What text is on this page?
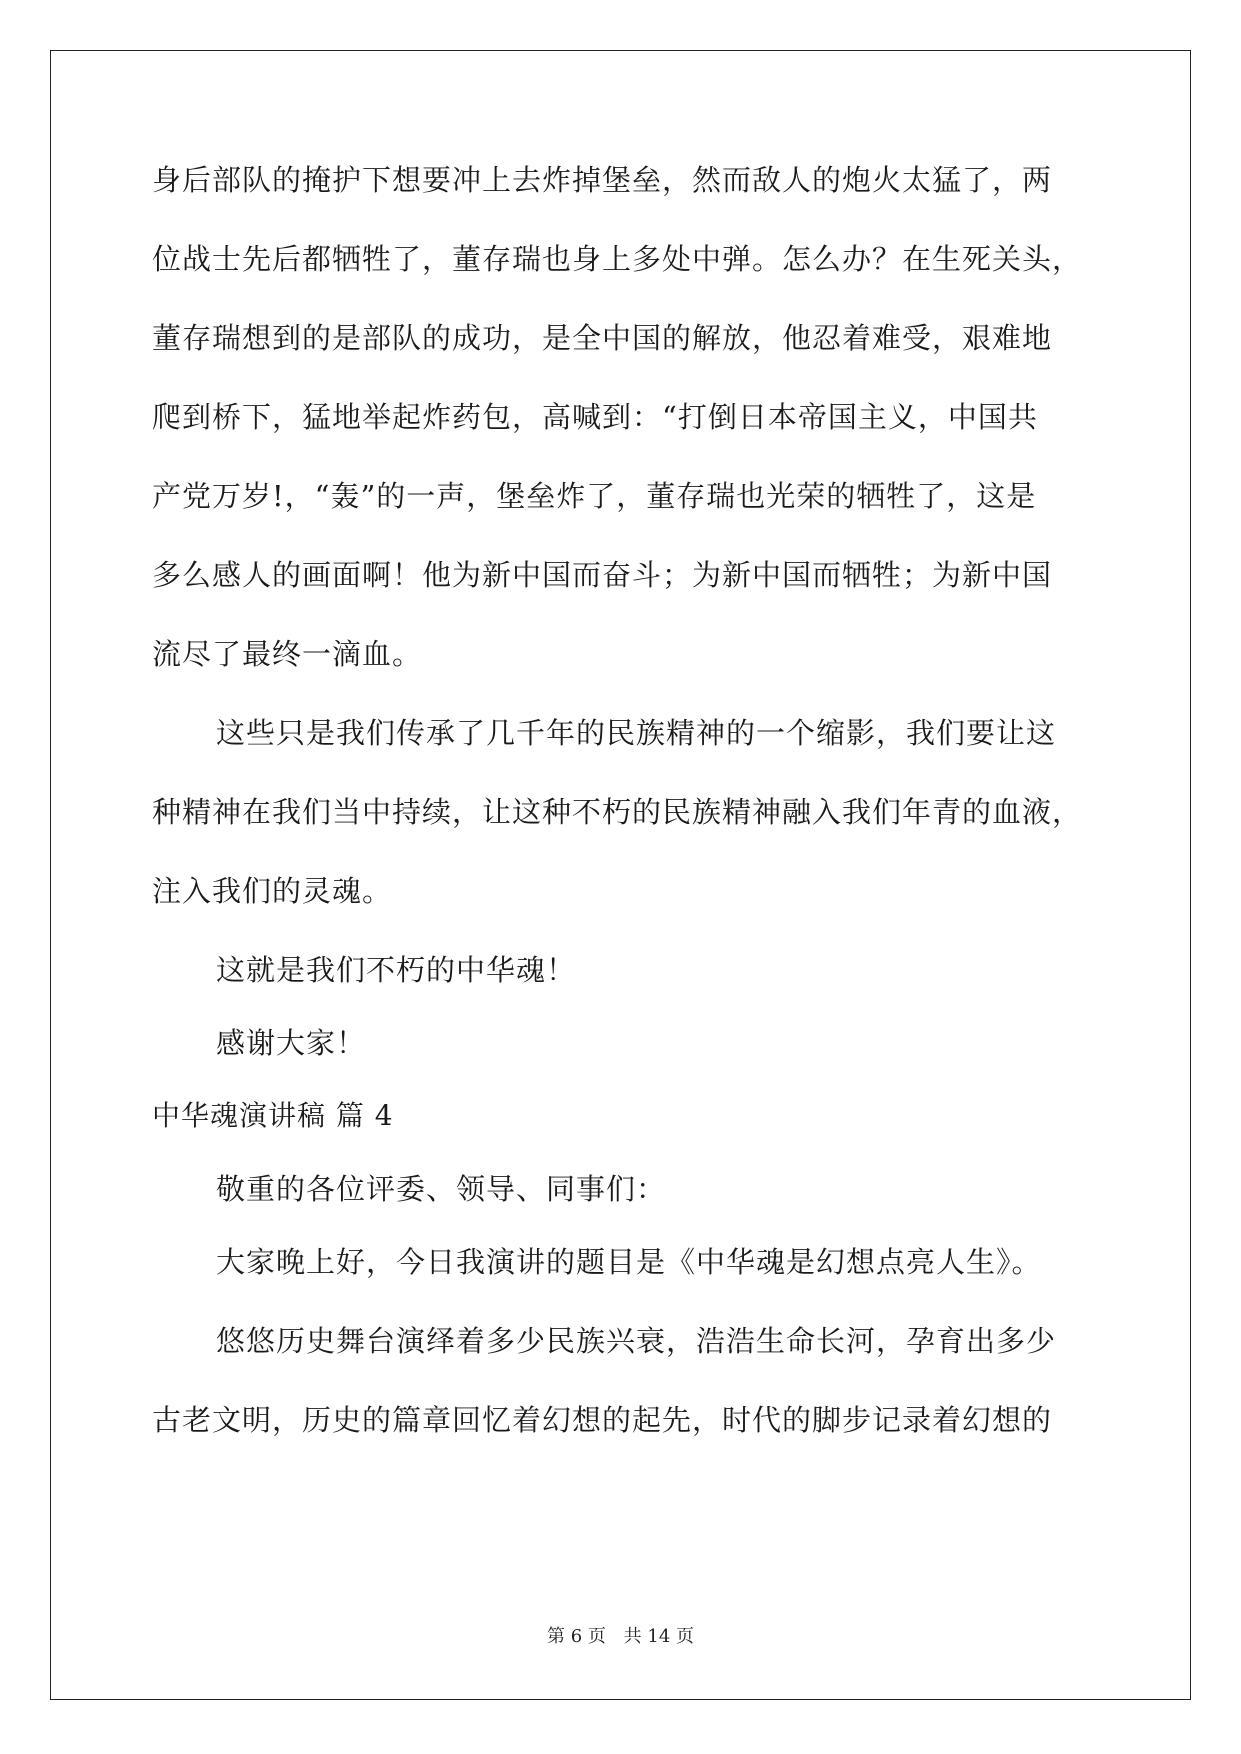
身后部队的掩护下想要冲上去炸掉堡垒，然而敌人的炮火太猛了，两
位战士先后都牺牲了，董存瑞也身上多处中弹。怎么办？在生死关头，
董存瑞想到的是部队的成功，是全中国的解放，他忍着难受，艰难地
爬到桥下，猛地举起炸药包，高喊到：“打倒日本帝国主义，中国共
产党万岁!，“轰”的一声，堡垒炸了，董存瑞也光荣的牺牲了，这是
多么感人的画面啊！他为新中国而奋斗；为新中国而牺牲；为新中国
流尽了最终一滴血。
这些只是我们传承了几千年的民族精神的一个缩影，我们要让这
种精神在我们当中持续，让这种不朽的民族精神融入我们年青的血液，
注入我们的灵魂。
这就是我们不朽的中华魂！
感谢大家！
中华魂演讲稿 篇 4
敬重的各位评委、领导、同事们：
大家晚上好，今日我演讲的题目是《中华魂是幻想点亮人生》。
悠悠历史舞台演绎着多少民族兴衰，浩浩生命长河，孕育出多少
古老文明，历史的篇章回忆着幻想的起先，时代的脚步记录着幻想的
第 6 页 共 14 页
